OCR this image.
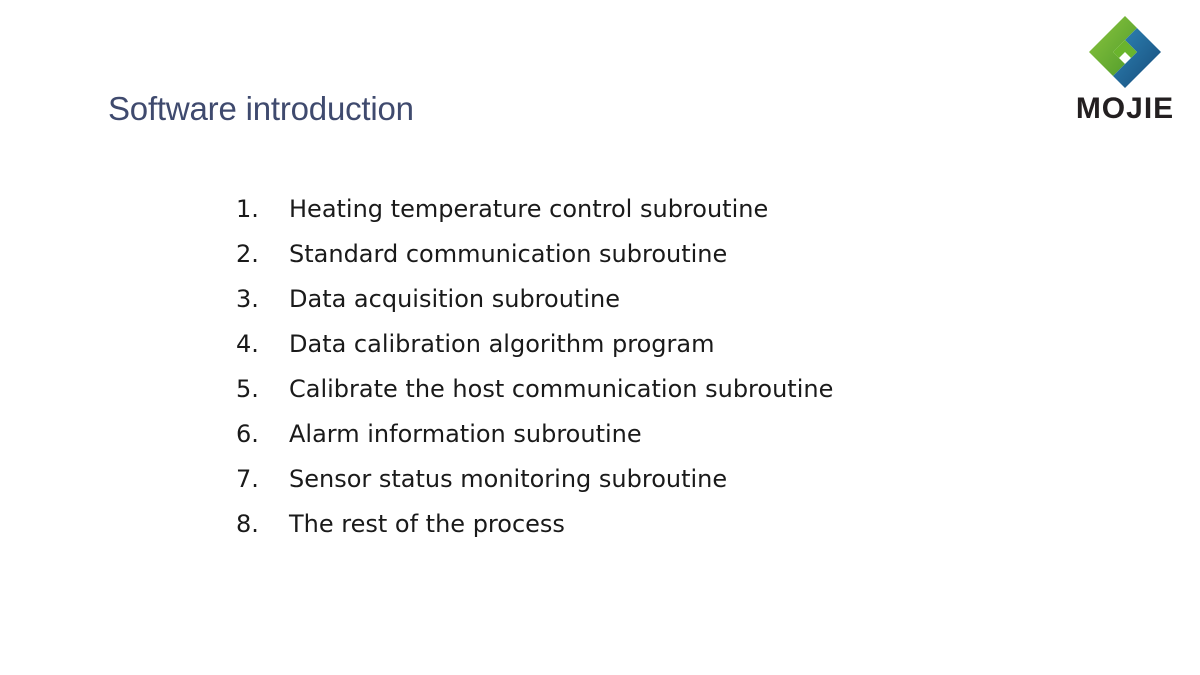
Software introduction	MOJIE
1.	Heating temperature control subroutine
2.	Standard communication subroutine
3.	Data acquisition subroutine
4.	Data calibration algorithm program
5.	Calibrate the host communication subroutine
6.	Alarm information subroutine
7.	Sensor status monitoring subroutine
8.	The rest of the process
